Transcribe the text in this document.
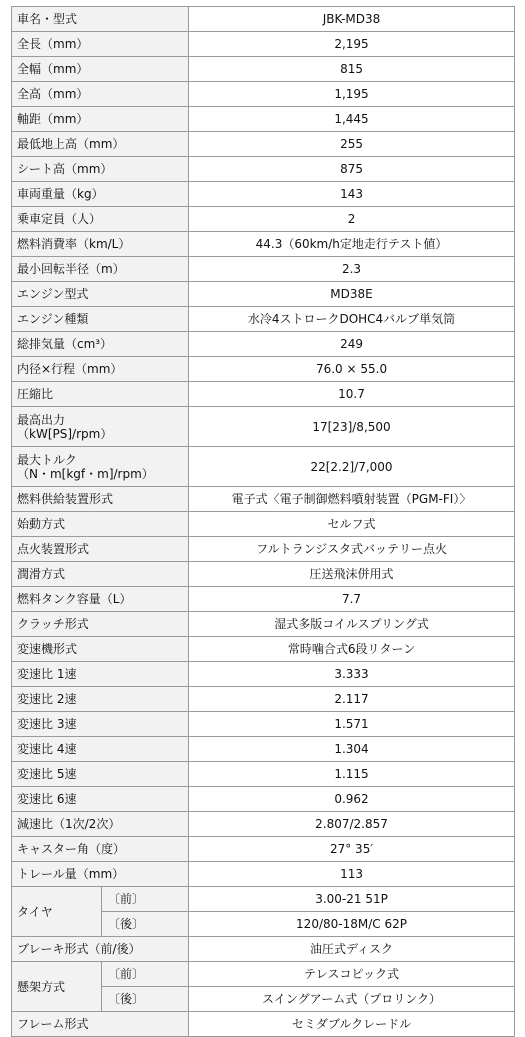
車名・型式		JBK-MD38
全長（mm）		2,195
全幅（mm）		815
全高（mm）		1,195
軸距（mm）		1,445
最低地上高（mm）		255
シート高（mm）		875
車両重量（kg）		143
乗車定員（人）		2
燃料消費率（km/L）		44.3（60km/h定地走行テスト値）
最小回転半径（m）		2.3
エンジン型式		MD38E
エンジン種類		水冷4ストロークDOHC4バルブ単気筒
総排気量（cm³）		249
内径×行程（mm）		76.0 × 55.0
圧縮比		10.7
最高出力
（kW[PS]/rpm）		17[23]/8,500
最大トルク
（N・m[kgf・m]/rpm）		22[2.2]/7,000
燃料供給装置形式		電子式〈電子制御燃料噴射装置（PGM-FI）〉
始動方式		セルフ式
点火装置形式		フルトランジスタ式バッテリー点火
潤滑方式		圧送飛沫併用式
燃料タンク容量（L）		7.7
クラッチ形式		湿式多版コイルスプリング式
変速機形式		常時噛合式6段リターン
変速比 1速		3.333
変速比 2速		2.117
変速比 3速		1.571
変速比 4速		1.304
変速比 5速		1.115
変速比 6速		0.962
減速比（1次/2次）		2.807/2.857
キャスター角（度）		27° 35′
トレール量（mm）		113
タイヤ	〔前〕	3.00-21 51P
	〔後〕	120/80-18M/C 62P
ブレーキ形式（前/後）		油圧式ディスク
懸架方式	〔前〕	テレスコピック式
	〔後〕	スイングアーム式（プロリンク）
フレーム形式		セミダブルクレードル
